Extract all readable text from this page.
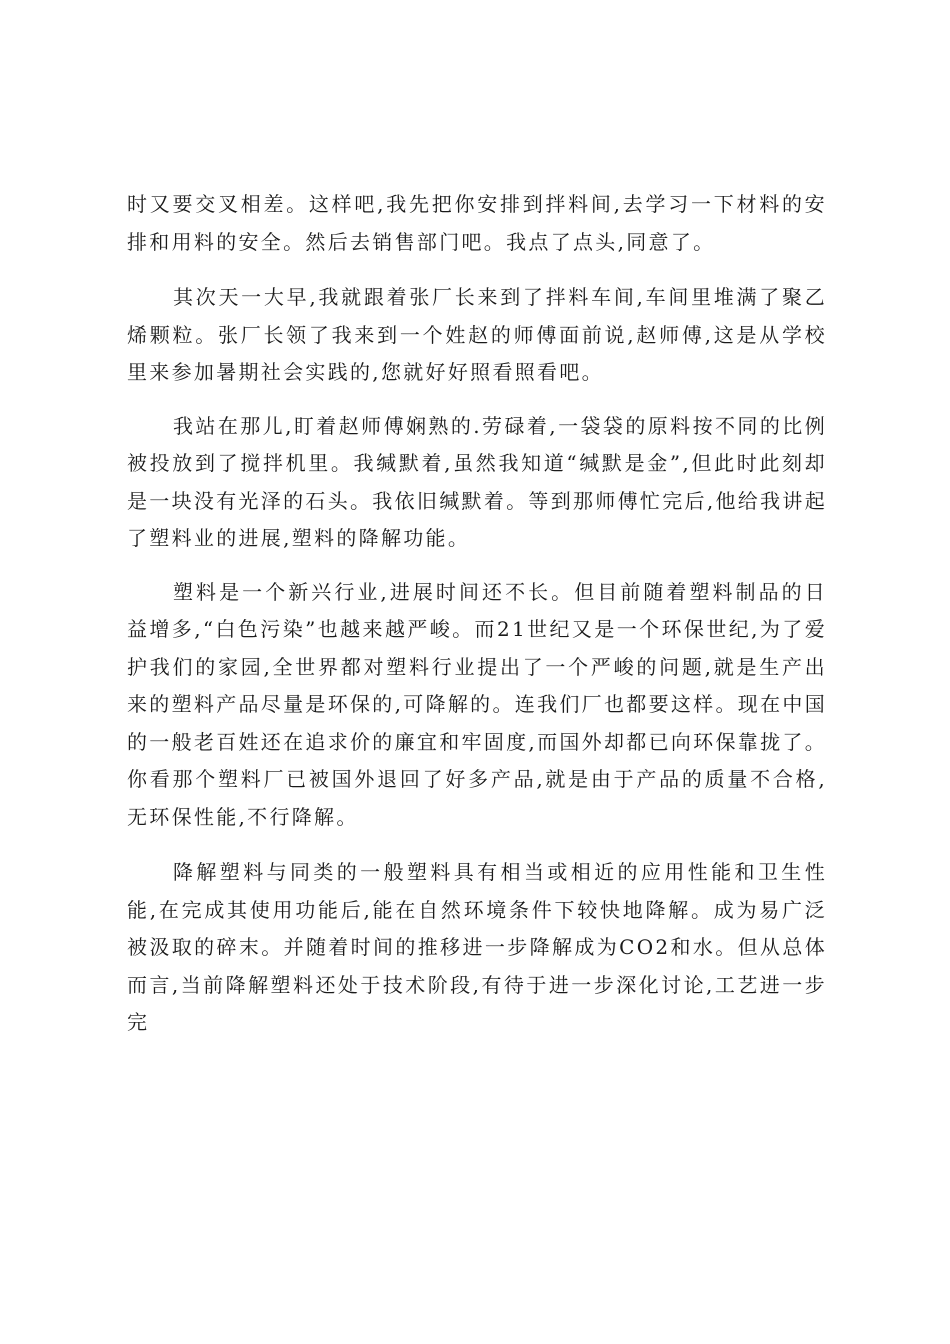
时又要交叉相差。这样吧,我先把你安排到拌料间,去学习一下材料的安排和用料的安全。然后去销售部门吧。我点了点头,同意了。

其次天一大早,我就跟着张厂长来到了拌料车间,车间里堆满了聚乙烯颗粒。张厂长领了我来到一个姓赵的师傅面前说,赵师傅,这是从学校里来参加暑期社会实践的,您就好好照看照看吧。

我站在那儿,盯着赵师傅娴熟的.劳碌着,一袋袋的原料按不同的比例被投放到了搅拌机里。我缄默着,虽然我知道“缄默是金”,但此时此刻却是一块没有光泽的石头。我依旧缄默着。等到那师傅忙完后,他给我讲起了塑料业的进展,塑料的降解功能。

塑料是一个新兴行业,进展时间还不长。但目前随着塑料制品的日益增多,“白色污染”也越来越严峻。而21世纪又是一个环保世纪,为了爱护我们的家园,全世界都对塑料行业提出了一个严峻的问题,就是生产出来的塑料产品尽量是环保的,可降解的。连我们厂也都要这样。现在中国的一般老百姓还在追求价的廉宜和牢固度,而国外却都已向环保靠拢了。你看那个塑料厂已被国外退回了好多产品,就是由于产品的质量不合格,无环保性能,不行降解。

降解塑料与同类的一般塑料具有相当或相近的应用性能和卫生性能,在完成其使用功能后,能在自然环境条件下较快地降解。成为易广泛被汲取的碎末。并随着时间的推移进一步降解成为CO2和水。但从总体而言,当前降解塑料还处于技术阶段,有待于进一步深化讨论,工艺进一步完
